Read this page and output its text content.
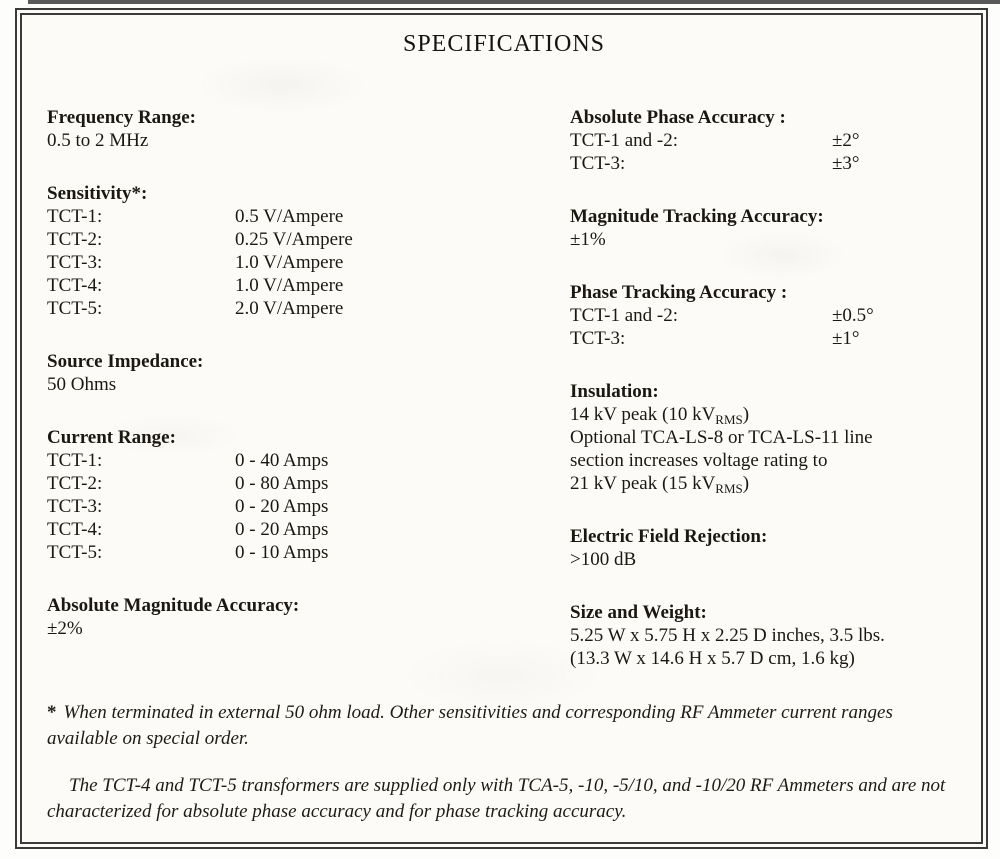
SPECIFICATIONS
Frequency Range:
0.5 to 2 MHz
Sensitivity*:
TCT-1:	0.5 V/Ampere
TCT-2:	0.25 V/Ampere
TCT-3:	1.0 V/Ampere
TCT-4:	1.0 V/Ampere
TCT-5:	2.0 V/Ampere
Source Impedance:
50 Ohms
Current Range:
TCT-1:	0 - 40 Amps
TCT-2:	0 - 80 Amps
TCT-3:	0 - 20 Amps
TCT-4:	0 - 20 Amps
TCT-5:	0 - 10 Amps
Absolute Magnitude Accuracy:
±2%
Absolute Phase Accuracy :
TCT-1 and -2:	±2°
TCT-3:	±3°
Magnitude Tracking Accuracy:
±1%
Phase Tracking Accuracy :
TCT-1 and -2:	±0.5°
TCT-3:	±1°
Insulation:
14 kV peak (10 $kV_{RMS}$)
Optional TCA-LS-8 or TCA-LS-11 line
section increases voltage rating to
21 kV peak (15 $kV_{RMS}$)
Electric Field Rejection:
>100 dB
Size and Weight:
5.25 W x 5.75 H x 2.25 D inches, 3.5 lbs.
(13.3 W x 14.6 H x 5.7 D cm, 1.6 kg)

* When terminated in external 50 ohm load. Other sensitivities and corresponding RF Ammeter current ranges available on special order.

The TCT-4 and TCT-5 transformers are supplied only with TCA-5, -10, -5/10, and -10/20 RF Ammeters and are not characterized for absolute phase accuracy and for phase tracking accuracy.
